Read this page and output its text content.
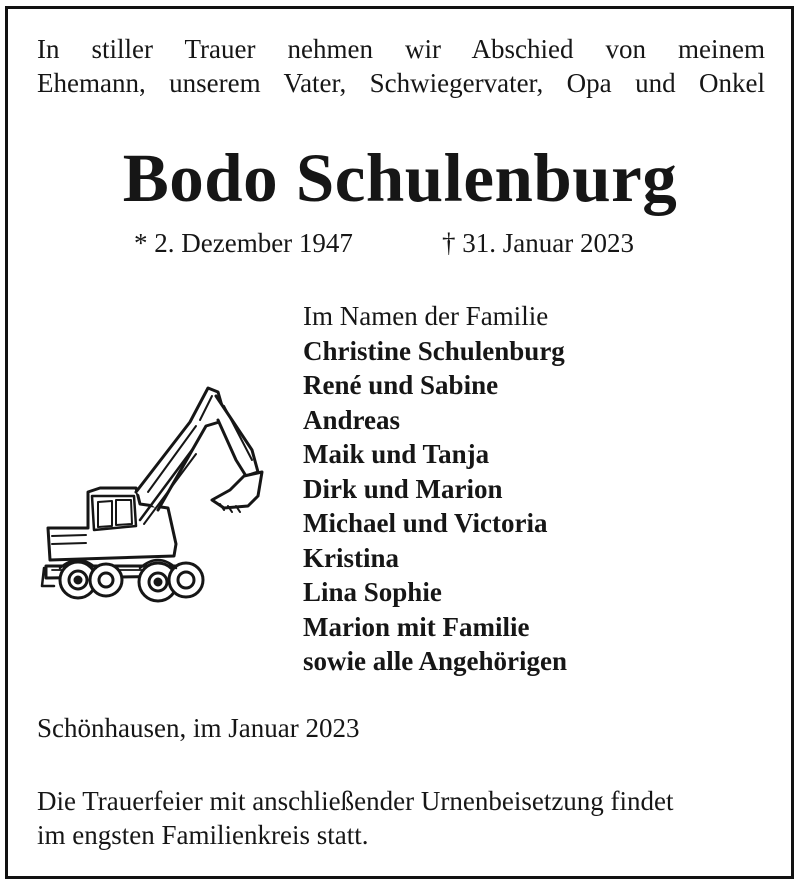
In stiller Trauer nehmen wir Abschied von meinem
Ehemann, unserem Vater, Schwiegervater, Opa und Onkel
Bodo Schulenburg
* 2. Dezember 1947	† 31. Januar 2023
Im Namen der Familie
Christine Schulenburg
René und Sabine
Andreas
Maik und Tanja
Dirk und Marion
Michael und Victoria
Kristina
Lina Sophie
Marion mit Familie
sowie alle Angehörigen
Schönhausen, im Januar 2023
Die Trauerfeier mit anschließender Urnenbeisetzung findet
im engsten Familienkreis statt.
